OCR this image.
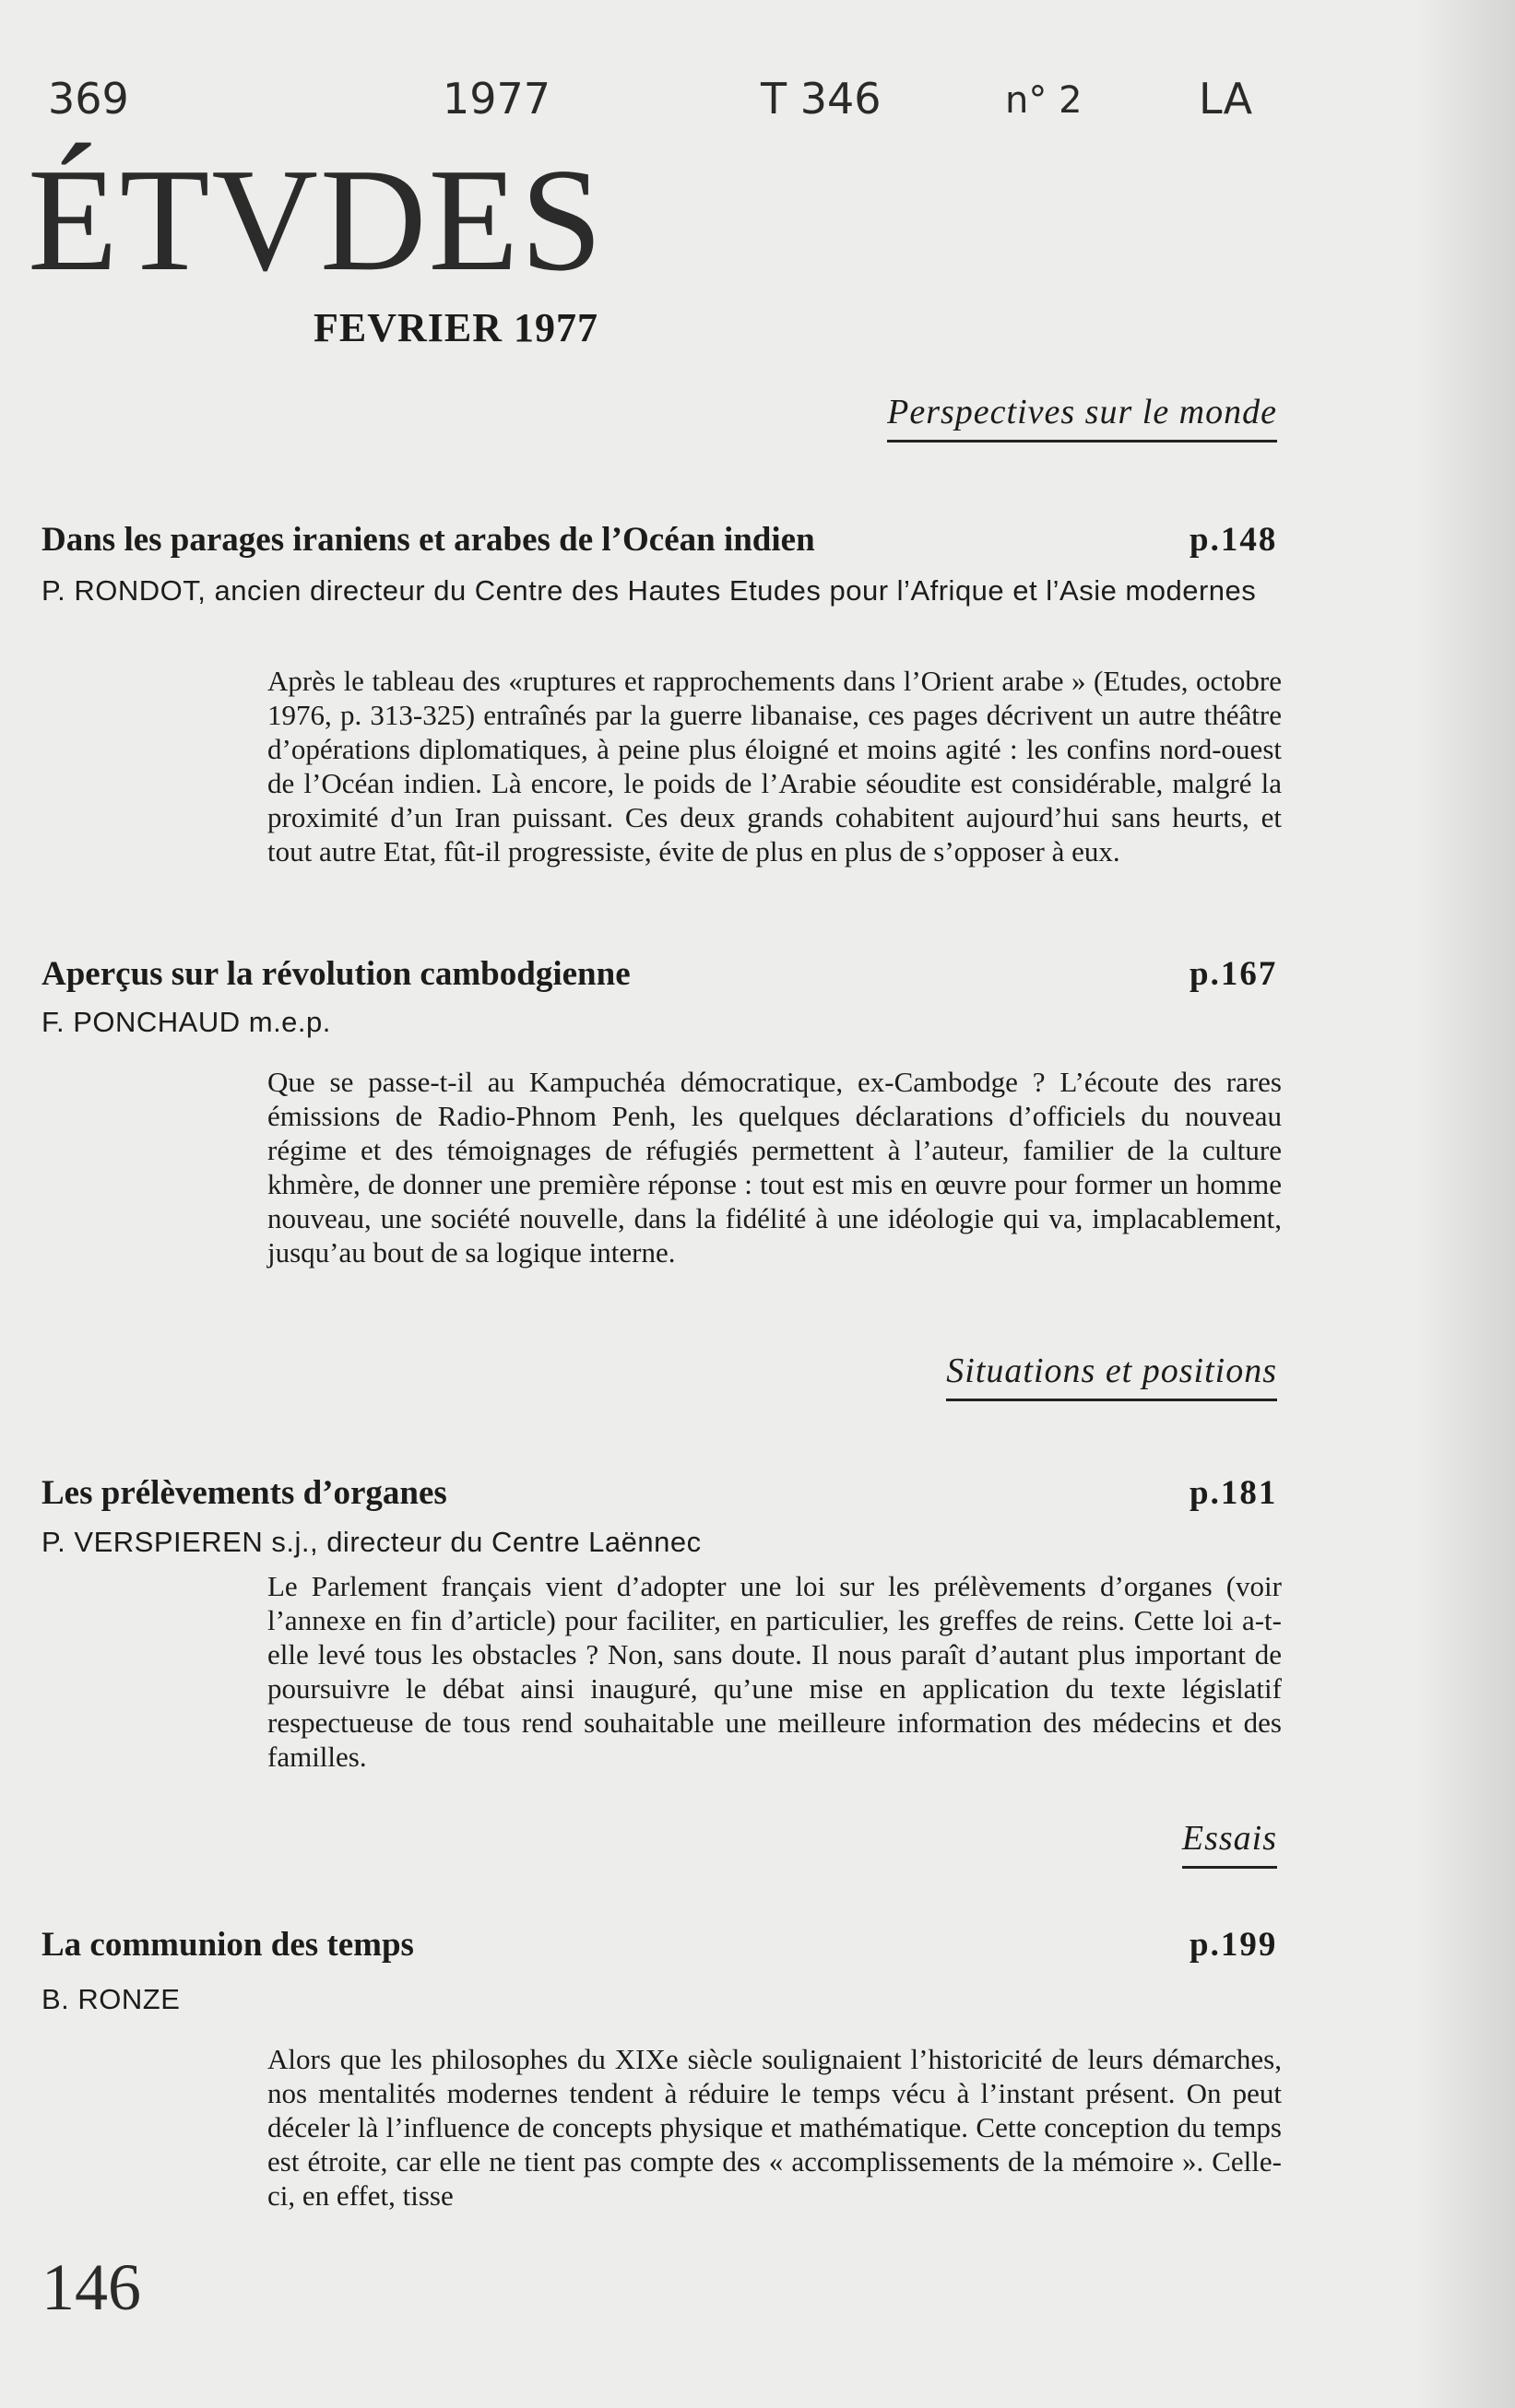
369	1977	T 346	n° 2	LA
ÉTVDES
FEVRIER 1977
Perspectives sur le monde
Dans les parages iraniens et arabes de l’Océan indien	p.148
P. RONDOT, ancien directeur du Centre des Hautes Etudes pour l’Afrique et l’Asie modernes
Après le tableau des «ruptures et rapprochements dans l’Orient arabe » (Etudes, octobre 1976, p. 313-325) entraînés par la guerre libanaise, ces pages décrivent un autre théâtre d’opérations diplomatiques, à peine plus éloigné et moins agité : les confins nord-ouest de l’Océan indien. Là encore, le poids de l’Arabie séoudite est considérable, malgré la proximité d’un Iran puissant. Ces deux grands cohabitent aujourd’hui sans heurts, et tout autre Etat, fût-il progressiste, évite de plus en plus de s’opposer à eux.
Aperçus sur la révolution cambodgienne	p.167
F. PONCHAUD m.e.p.
Que se passe-t-il au Kampuchéa démocratique, ex-Cambodge ? L’écoute des rares émissions de Radio-Phnom Penh, les quelques déclarations d’officiels du nouveau régime et des témoignages de réfugiés permettent à l’auteur, familier de la culture khmère, de donner une première réponse : tout est mis en œuvre pour former un homme nouveau, une société nouvelle, dans la fidélité à une idéologie qui va, implacablement, jusqu’au bout de sa logique interne.
Situations et positions
Les prélèvements d’organes	p.181
P. VERSPIEREN s.j., directeur du Centre Laënnec
Le Parlement français vient d’adopter une loi sur les prélèvements d’organes (voir l’annexe en fin d’article) pour faciliter, en particulier, les greffes de reins. Cette loi a-t-elle levé tous les obstacles ? Non, sans doute. Il nous paraît d’autant plus important de poursuivre le débat ainsi inauguré, qu’une mise en application du texte législatif respectueuse de tous rend souhaitable une meilleure information des médecins et des familles.
Essais
La communion des temps	p.199
B. RONZE
Alors que les philosophes du XIXe siècle soulignaient l’historicité de leurs démarches, nos mentalités modernes tendent à réduire le temps vécu à l’instant présent. On peut déceler là l’influence de concepts physique et mathématique. Cette conception du temps est étroite, car elle ne tient pas compte des « accomplissements de la mémoire ». Celle-ci, en effet, tisse
146
